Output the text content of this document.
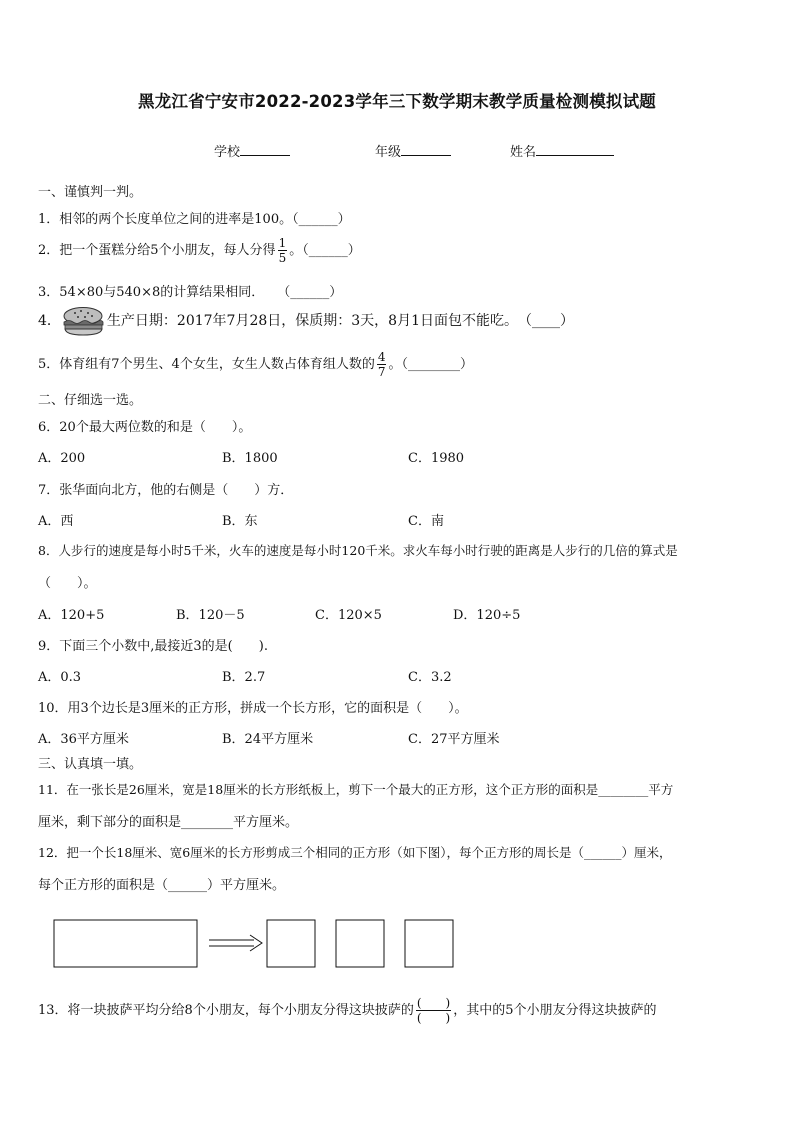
黑龙江省宁安市2022-2023学年三下数学期末教学质量检测模拟试题
学校	年级	姓名
一、谨慎判一判。
1．相邻的两个长度单位之间的进率是100。（______）
2．把一个蛋糕分给5个小朋友，每人分得 $\frac{1}{5}$ 。（______）
3．54×80与540×8的计算结果相同．　　（______）
4．	生产日期：2017年7月28日，保质期：3天，8月1日面包不能吃。　（____）
5．体育组有7个男生、4个女生，女生人数占体育组人数的 $\frac{4}{7}$ 。（________）
二、仔细选一选。
6．20个最大两位数的和是（　　）。
A．200	B．1800	C．1980
7．张华面向北方，他的右侧是（　　）方．
A．西	B．东	C．南
8．人步行的速度是每小时5千米，火车的速度是每小时120千米。求火车每小时行驶的距离是人步行的几倍的算式是
（　　）。
A．120+5	B．120－5	C．120×5	D．120÷5
9．下面三个小数中,最接近3的是(　　).
A．0.3	B．2.7	C．3.2
10．用3个边长是3厘米的正方形，拼成一个长方形，它的面积是（　　）。
A．36平方厘米	B．24平方厘米	C．27平方厘米
三、认真填一填。
11．在一张长是26厘米，宽是18厘米的长方形纸板上，剪下一个最大的正方形，这个正方形的面积是________平方
厘米，剩下部分的面积是________平方厘米。
12．把一个长18厘米、宽6厘米的长方形剪成三个相同的正方形（如下图），每个正方形的周长是（______）厘米，
每个正方形的面积是（______）平方厘米。
13．将一块披萨平均分给8个小朋友，每个小朋友分得这块披萨的 $\frac{( )}{( )}$ ，其中的5个小朋友分得这块披萨的
